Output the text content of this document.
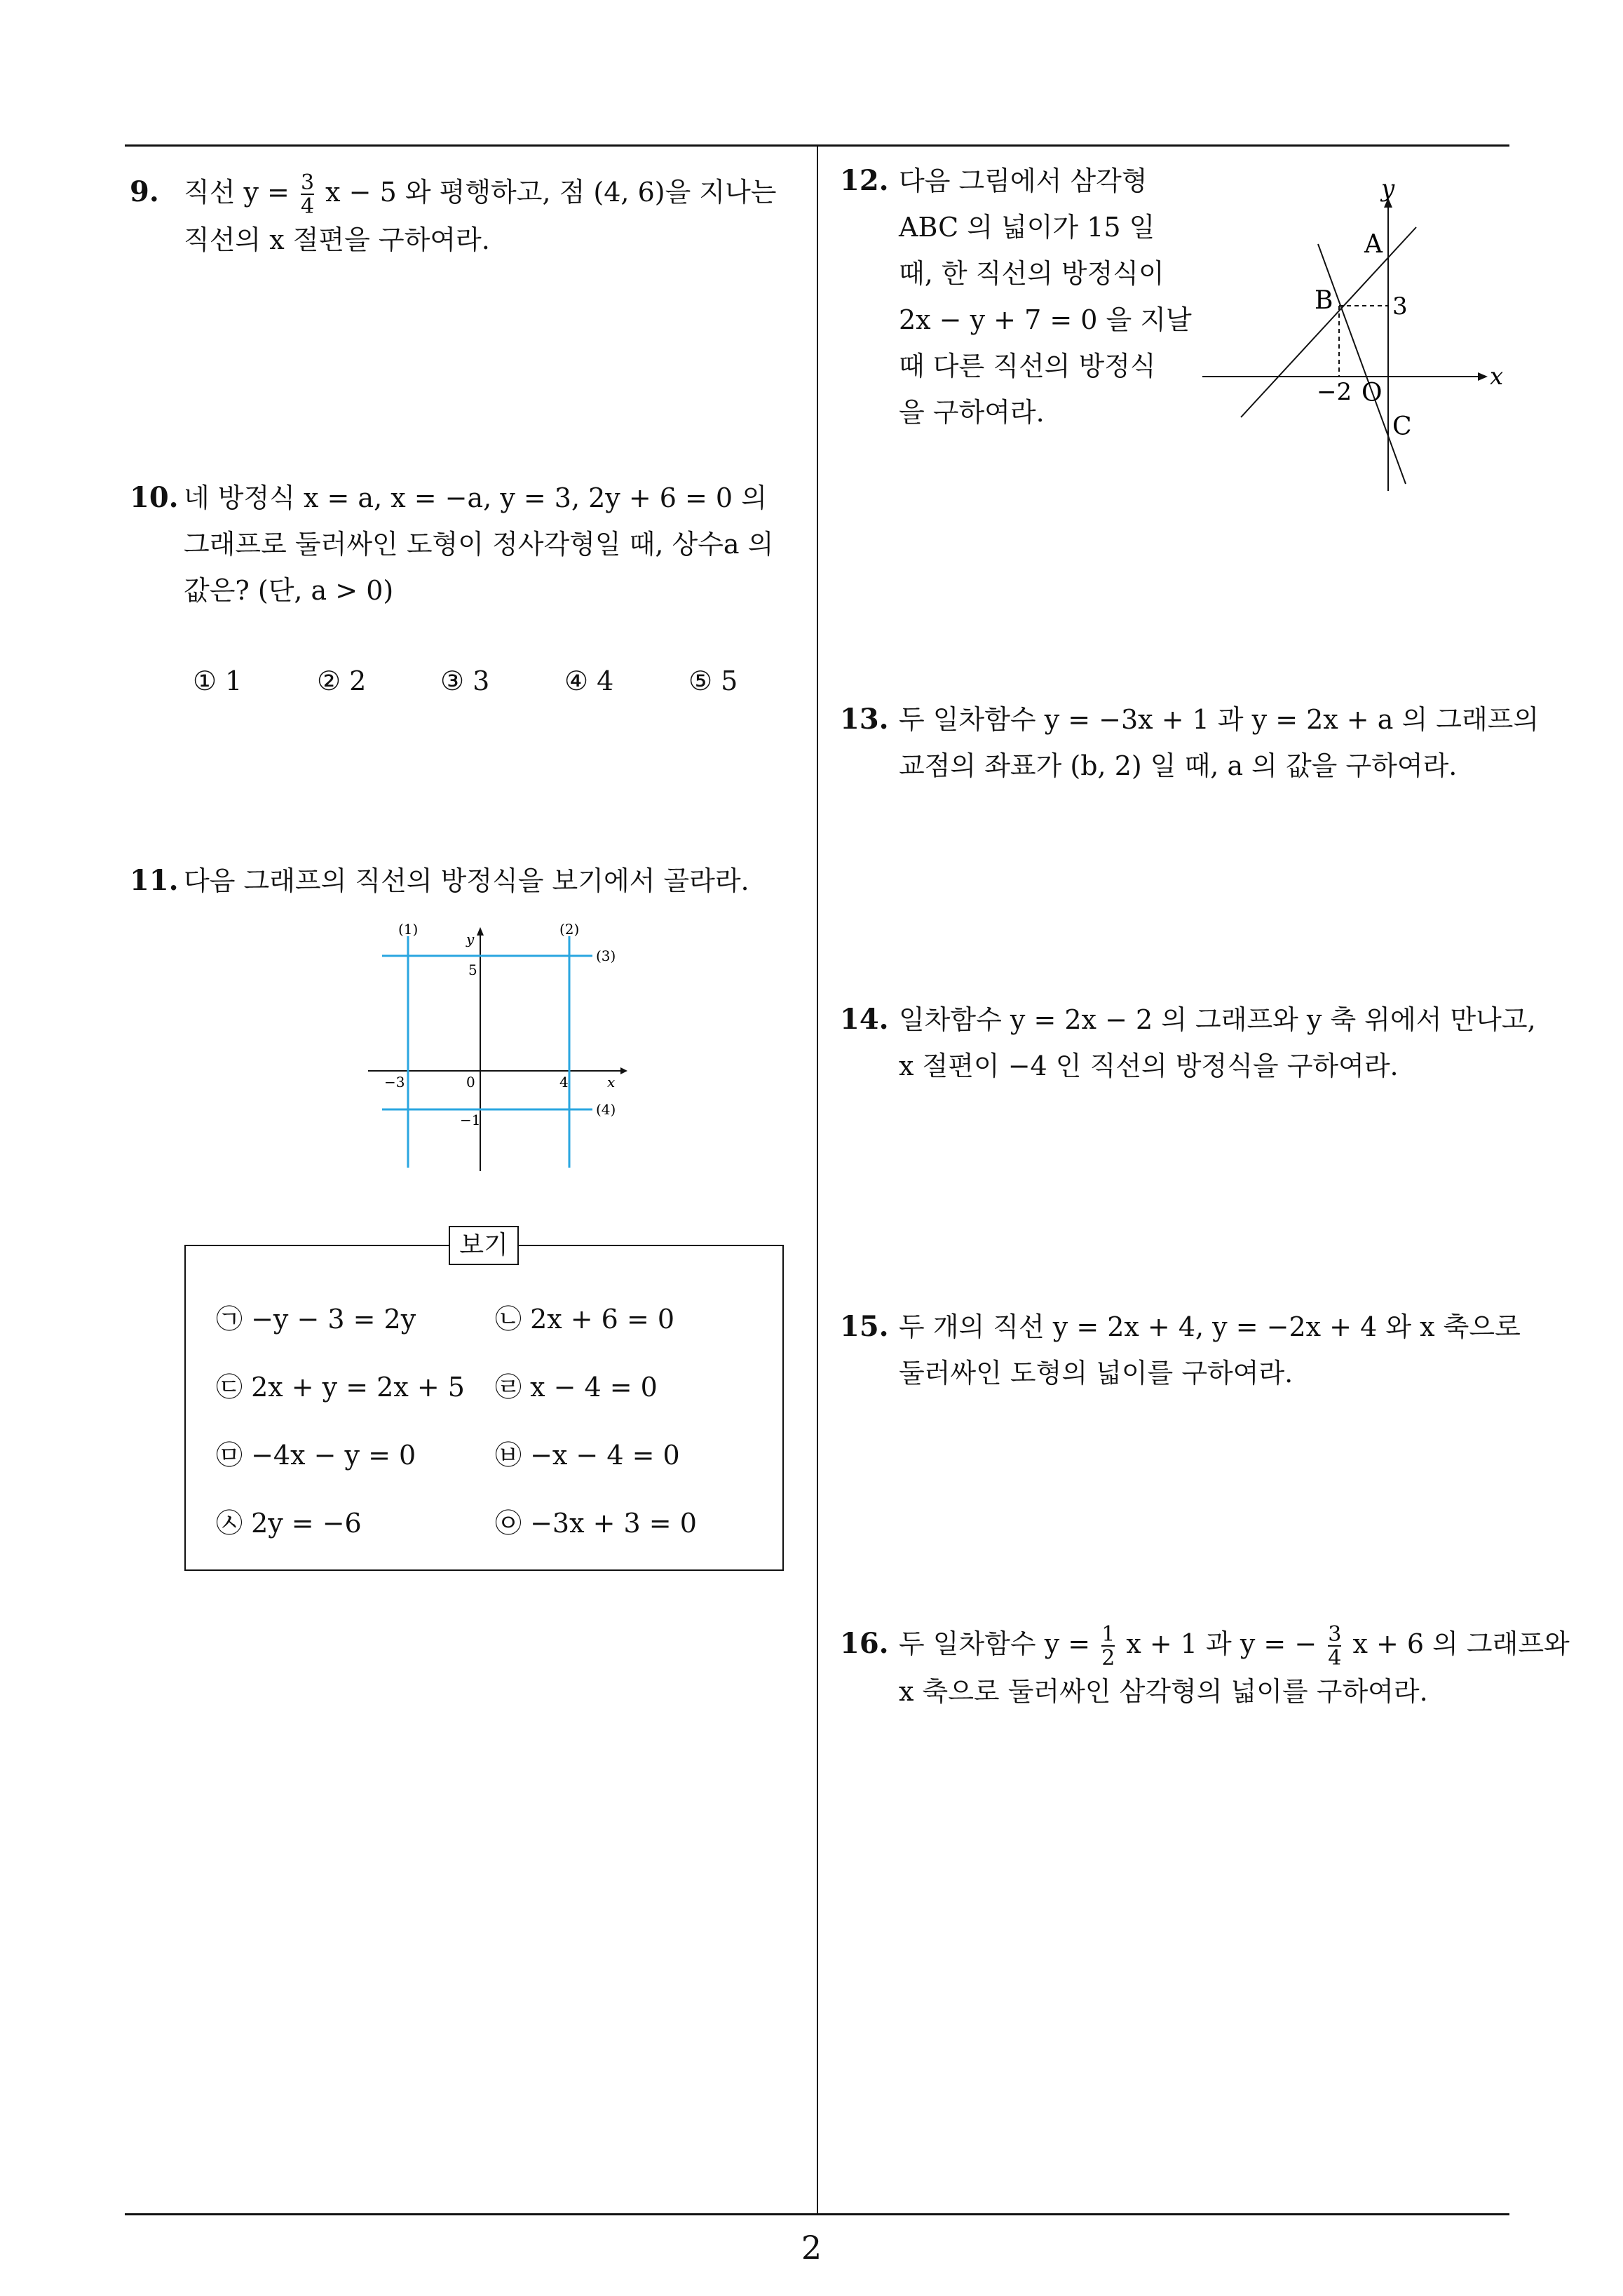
9. 직선 $y = \frac{3}{4}$ x − 5 와 평행하고, 점 (4, 6)을 지나는
직선의 x 절편을 구하여라.
10. 네 방정식 x = a, x = −a, y = 3, 2y + 6 = 0 의
그래프로 둘러싸인 도형이 정사각형일 때, 상수a 의
값은? (단, a > 0)
① 1	② 2	③ 3	④ 4	⑤ 5
11. 다음 그래프의 직선의 방정식을 보기에서 골라라.
(1)	(2)
(3)
(4)
y
x
5
−3	0	4
−1
보기
㉠ −y − 3 = 2y	㉡ 2x + 6 = 0
㉢ 2x + y = 2x + 5 ㉣ x − 4 = 0
㉤ −4x − y = 0	㉥ −x − 4 = 0
㉦ 2y = −6	㉧ −3x + 3 = 0
12. 다음 그림에서 삼각형
ABC 의 넓이가 15 일
때, 한 직선의 방정식이
2x − y + 7 = 0 을 지날
때 다른 직선의 방정식
을 구하여라.
y
x
A
B
C
O
3
−2
13. 두 일차함수 y = −3x + 1 과 y = 2x + a 의 그래프의
교점의 좌표가 (b, 2) 일 때, a 의 값을 구하여라.
14. 일차함수 y = 2x − 2 의 그래프와 y 축 위에서 만나고,
x 절편이 −4 인 직선의 방정식을 구하여라.
15. 두 개의 직선 y = 2x + 4, y = −2x + 4 와 x 축으로
둘러싸인 도형의 넓이를 구하여라.
16. 두 일차함수 $y = \frac{1}{2}$ x + 1 과 y = − $\frac{3}{4}$ x + 6 의 그래프와
x 축으로 둘러싸인 삼각형의 넓이를 구하여라.
2
